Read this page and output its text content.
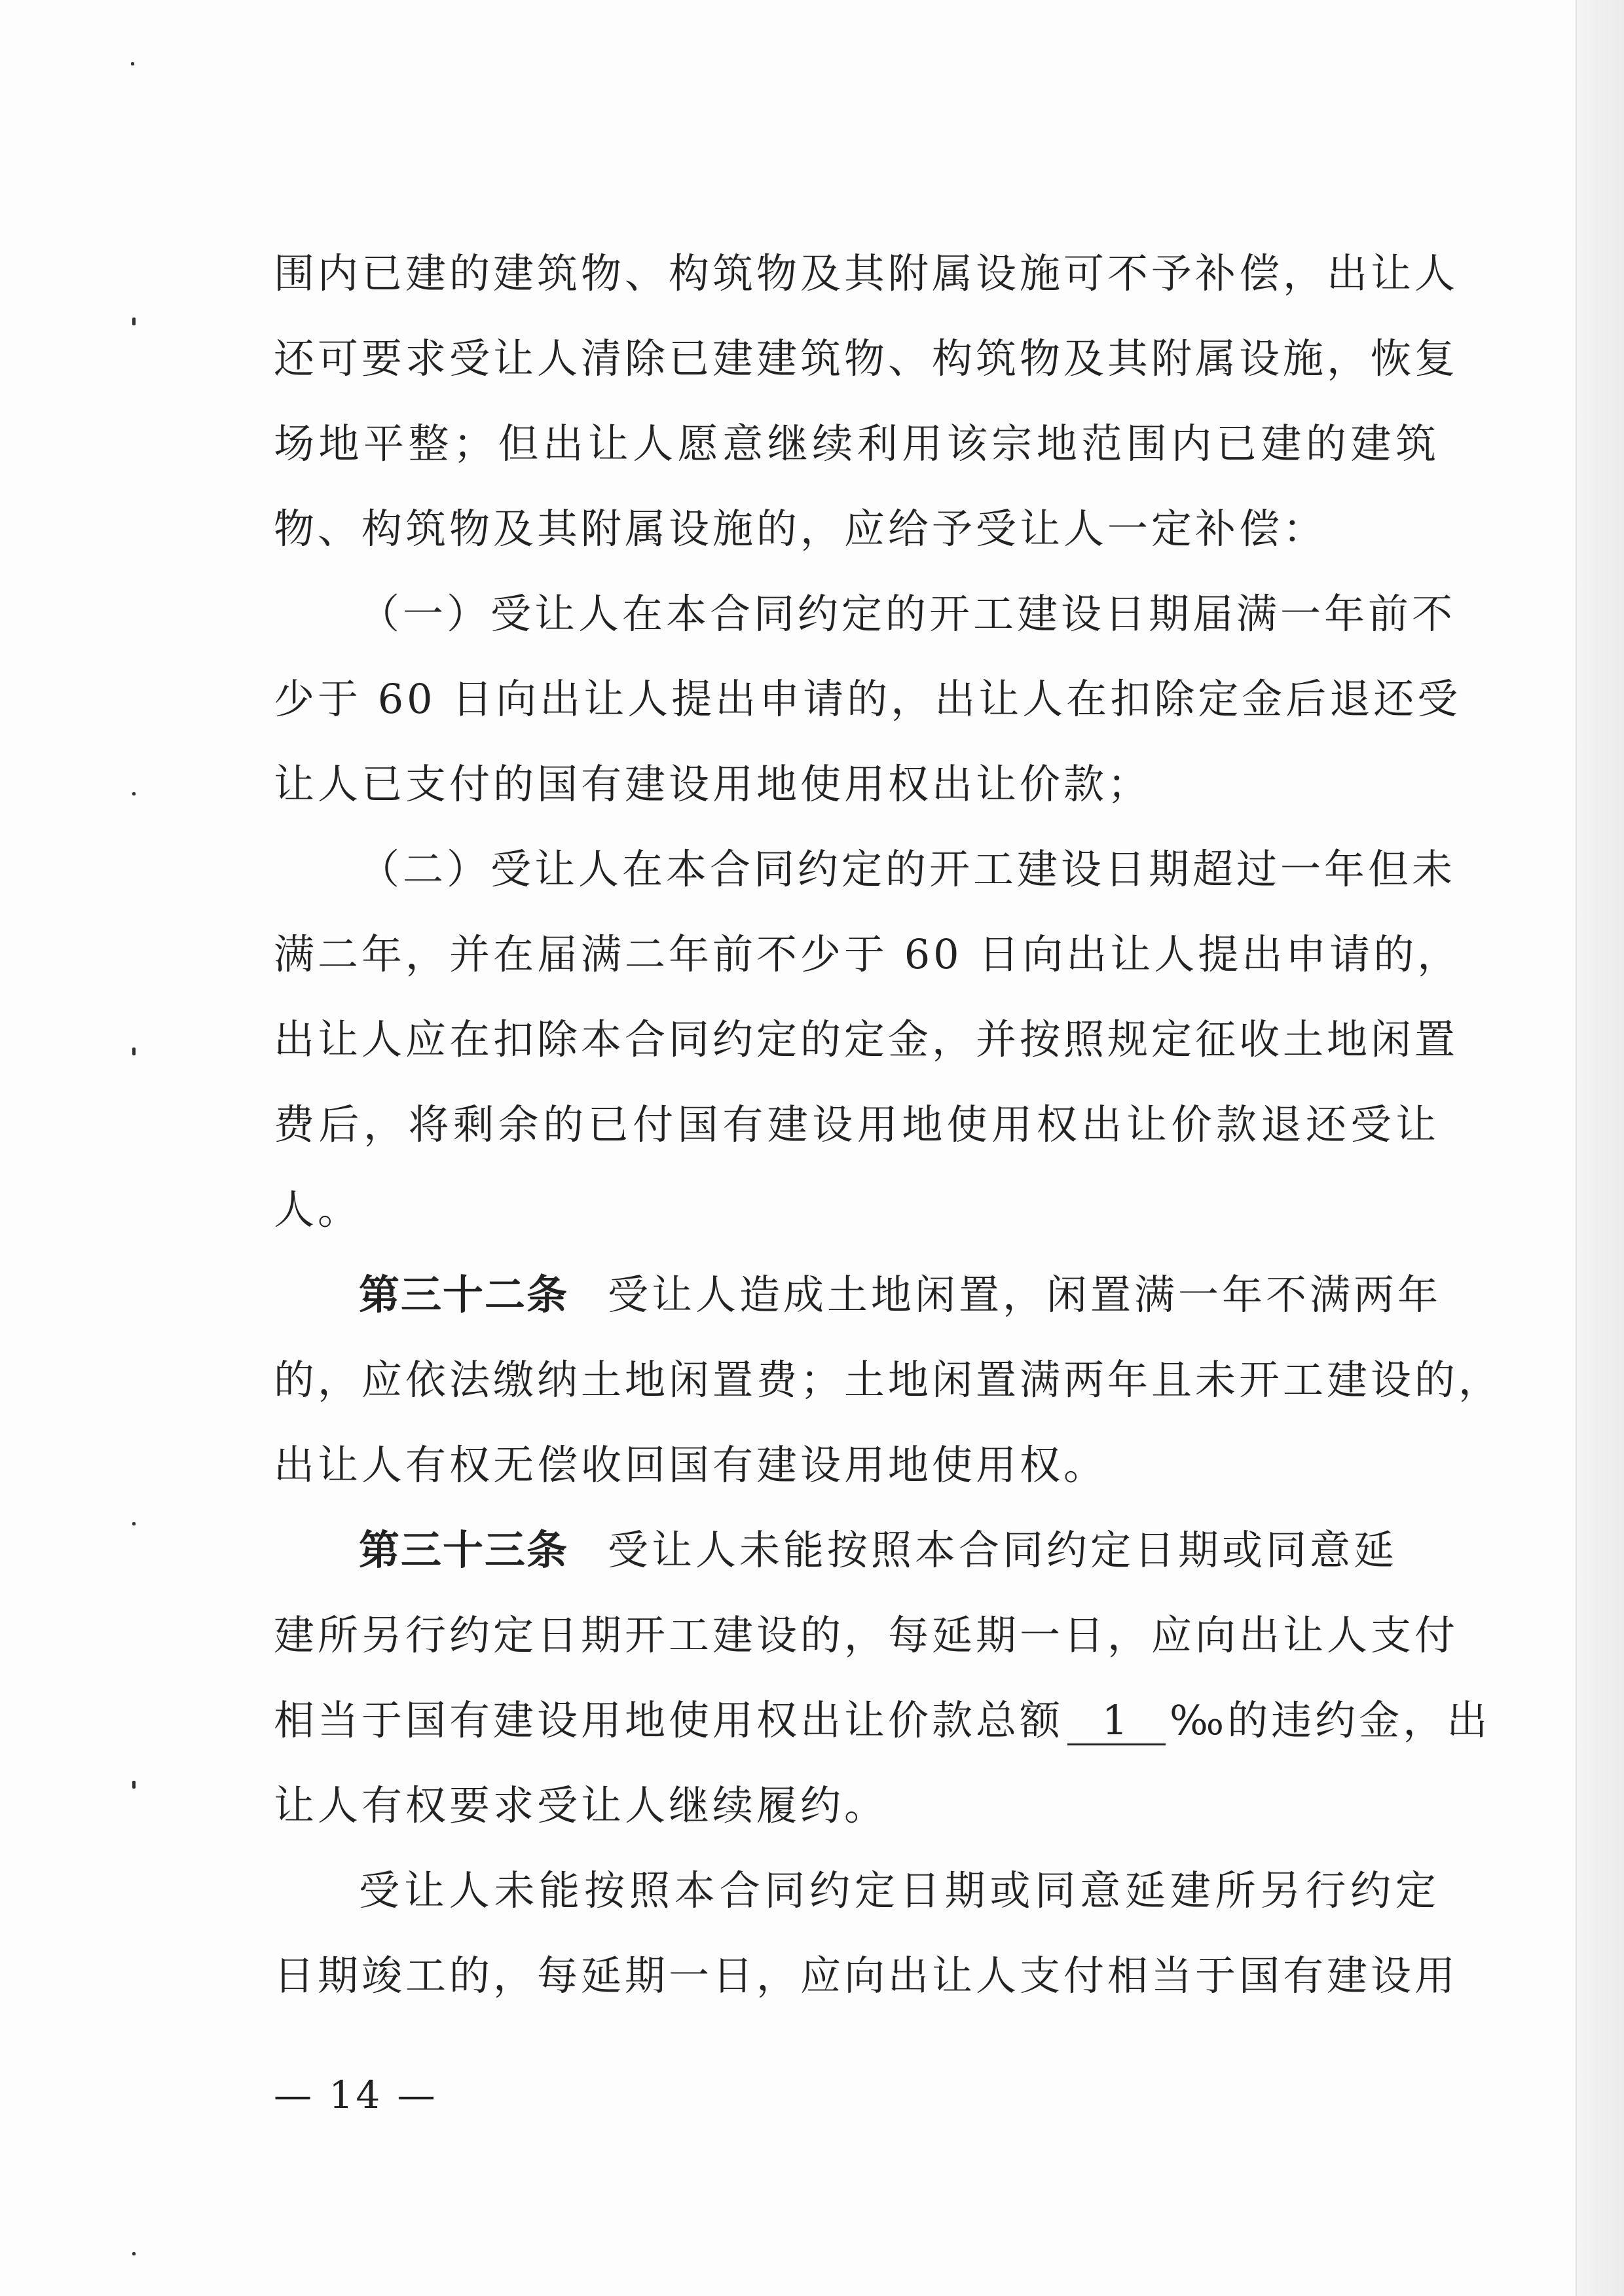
围内已建的建筑物、构筑物及其附属设施可不予补偿，出让人
还可要求受让人清除已建建筑物、构筑物及其附属设施，恢复
场地平整；但出让人愿意继续利用该宗地范围内已建的建筑
物、构筑物及其附属设施的，应给予受让人一定补偿：
（一）受让人在本合同约定的开工建设日期届满一年前不
少于 60 日向出让人提出申请的，出让人在扣除定金后退还受
让人已支付的国有建设用地使用权出让价款；
（二）受让人在本合同约定的开工建设日期超过一年但未
满二年，并在届满二年前不少于 60 日向出让人提出申请的，
出让人应在扣除本合同约定的定金，并按照规定征收土地闲置
费后，将剩余的已付国有建设用地使用权出让价款退还受让
人。
第三十二条 受让人造成土地闲置，闲置满一年不满两年
的，应依法缴纳土地闲置费；土地闲置满两年且未开工建设的，
出让人有权无偿收回国有建设用地使用权。
第三十三条 受让人未能按照本合同约定日期或同意延
建所另行约定日期开工建设的，每延期一日，应向出让人支付
相当于国有建设用地使用权出让价款总额 1 ‰的违约金，出
让人有权要求受让人继续履约。
受让人未能按照本合同约定日期或同意延建所另行约定
日期竣工的，每延期一日，应向出让人支付相当于国有建设用
— 14 —
